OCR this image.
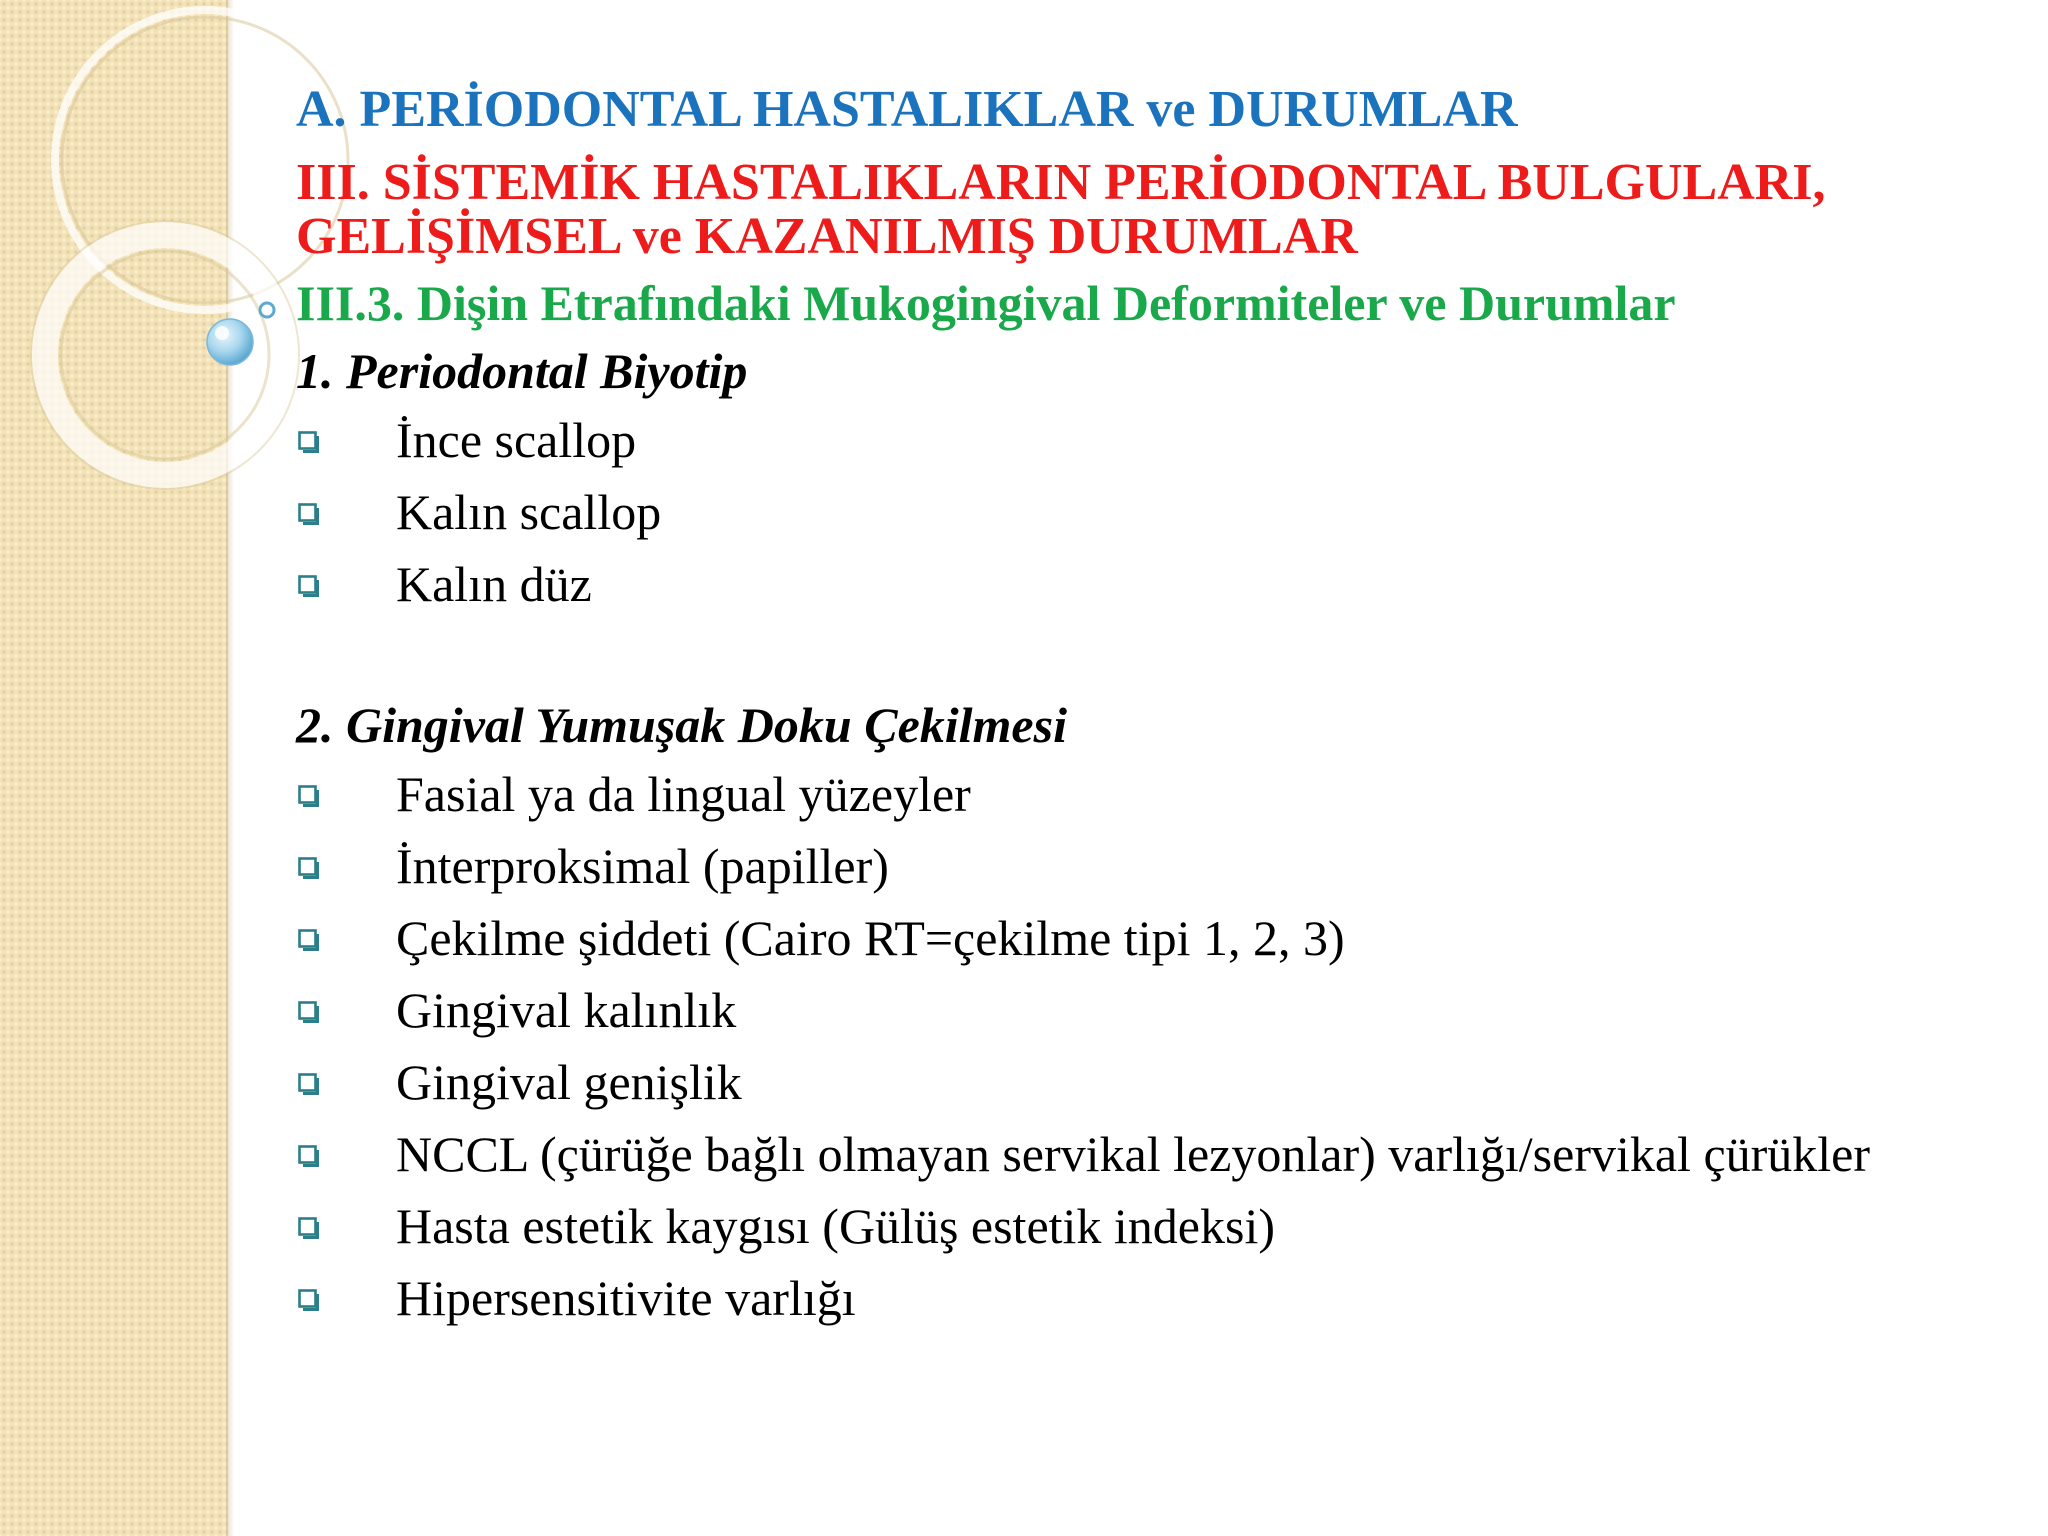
A. PERİODONTAL HASTALIKLAR ve DURUMLAR
III. SİSTEMİK HASTALIKLARIN PERİODONTAL BULGULARI,
GELİŞİMSEL ve KAZANILMIŞ DURUMLAR
III.3. Dişin Etrafındaki Mukogingival Deformiteler ve Durumlar
1. Periodontal Biyotip
İnce scallop
Kalın scallop
Kalın düz
2. Gingival Yumuşak Doku Çekilmesi
Fasial ya da lingual yüzeyler
İnterproksimal (papiller)
Çekilme şiddeti (Cairo RT=çekilme tipi 1, 2, 3)
Gingival kalınlık
Gingival genişlik
NCCL (çürüğe bağlı olmayan servikal lezyonlar) varlığı/servikal çürükler
Hasta estetik kaygısı (Gülüş estetik indeksi)
Hipersensitivite varlığı
